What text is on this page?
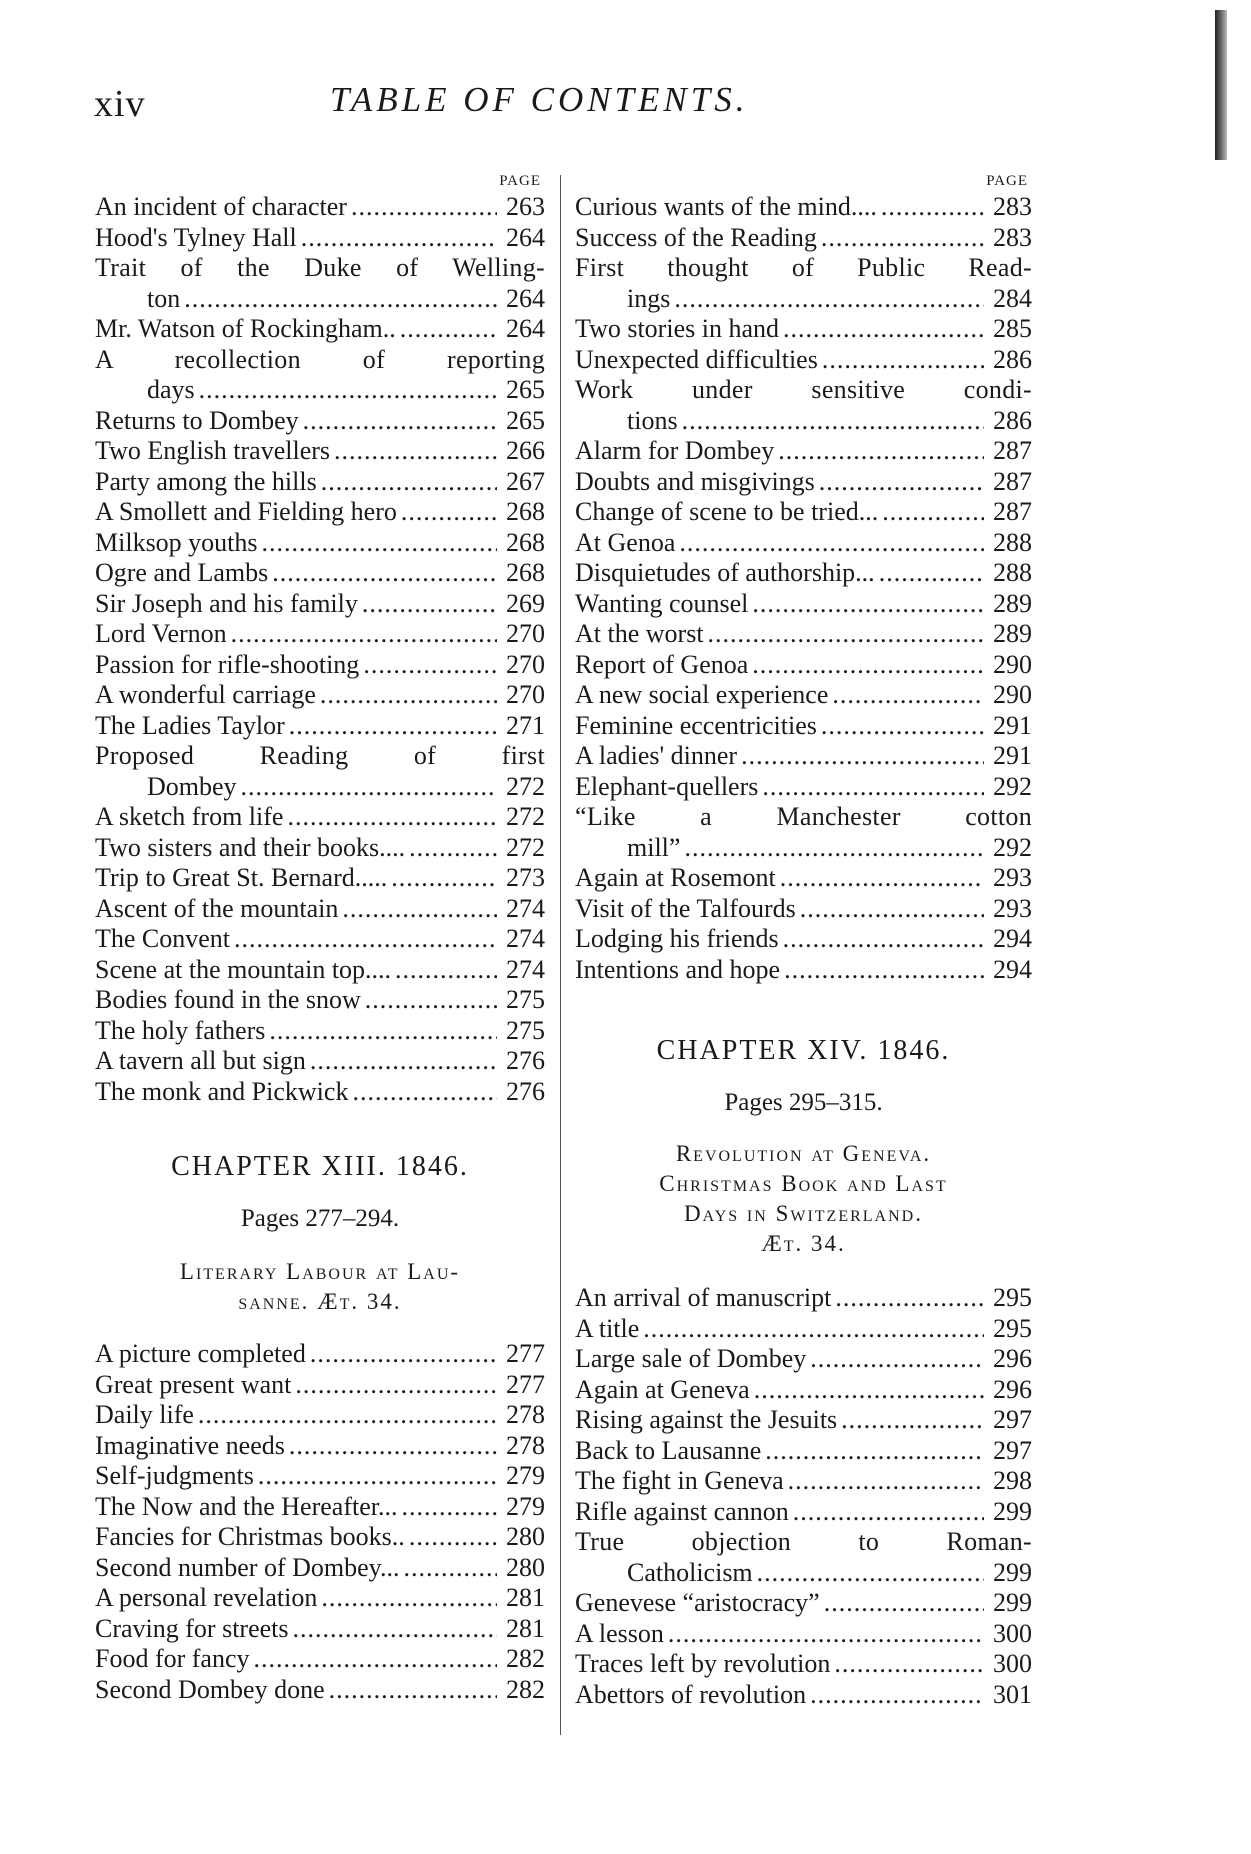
xiv	TABLE OF CONTENTS.
PAGE
An incident of character .....	263
Hood's Tylney Hall .....	264
Trait of the Duke of Welling-
ton .....	264
Mr. Watson of Rockingham.. .....	264
A recollection of reporting
days .....	265
Returns to Dombey .....	265
Two English travellers .....	266
Party among the hills .....	267
A Smollett and Fielding hero .....	268
Milksop youths .....	268
Ogre and Lambs .....	268
Sir Joseph and his family .....	269
Lord Vernon .....	270
Passion for rifle-shooting .....	270
A wonderful carriage .....	270
The Ladies Taylor .....	271
Proposed Reading of first
Dombey .....	272
A sketch from life .....	272
Two sisters and their books.... .....	272
Trip to Great St. Bernard..... .....	273
Ascent of the mountain .....	274
The Convent .....	274
Scene at the mountain top.... .....	274
Bodies found in the snow .....	275
The holy fathers .....	275
A tavern all but sign .....	276
The monk and Pickwick .....	276
CHAPTER XIII. 1846.
Pages 277–294.
Literary Labour at Lau-
sanne. Æt. 34.
A picture completed .....	277
Great present want .....	277
Daily life .....	278
Imaginative needs .....	278
Self-judgments .....	279
The Now and the Hereafter... .....	279
Fancies for Christmas books.. .....	280
Second number of Dombey... .....	280
A personal revelation .....	281
Craving for streets .....	281
Food for fancy .....	282
Second Dombey done .....	282
PAGE
Curious wants of the mind.... .....	283
Success of the Reading .....	283
First thought of Public Read-
ings .....	284
Two stories in hand .....	285
Unexpected difficulties .....	286
Work under sensitive condi-
tions .....	286
Alarm for Dombey .....	287
Doubts and misgivings .....	287
Change of scene to be tried... .....	287
At Genoa .....	288
Disquietudes of authorship... .....	288
Wanting counsel .....	289
At the worst .....	289
Report of Genoa .....	290
A new social experience .....	290
Feminine eccentricities .....	291
A ladies' dinner .....	291
Elephant-quellers .....	292
“Like a Manchester cotton
mill” .....	292
Again at Rosemont .....	293
Visit of the Talfourds .....	293
Lodging his friends .....	294
Intentions and hope .....	294
CHAPTER XIV. 1846.
Pages 295–315.
Revolution at Geneva.
Christmas Book and Last
Days in Switzerland.
Æt. 34.
An arrival of manuscript .....	295
A title .....	295
Large sale of Dombey .....	296
Again at Geneva .....	296
Rising against the Jesuits .....	297
Back to Lausanne .....	297
The fight in Geneva .....	298
Rifle against cannon .....	299
True objection to Roman-
Catholicism .....	299
Genevese “aristocracy” .....	299
A lesson .....	300
Traces left by revolution .....	300
Abettors of revolution .....	301
